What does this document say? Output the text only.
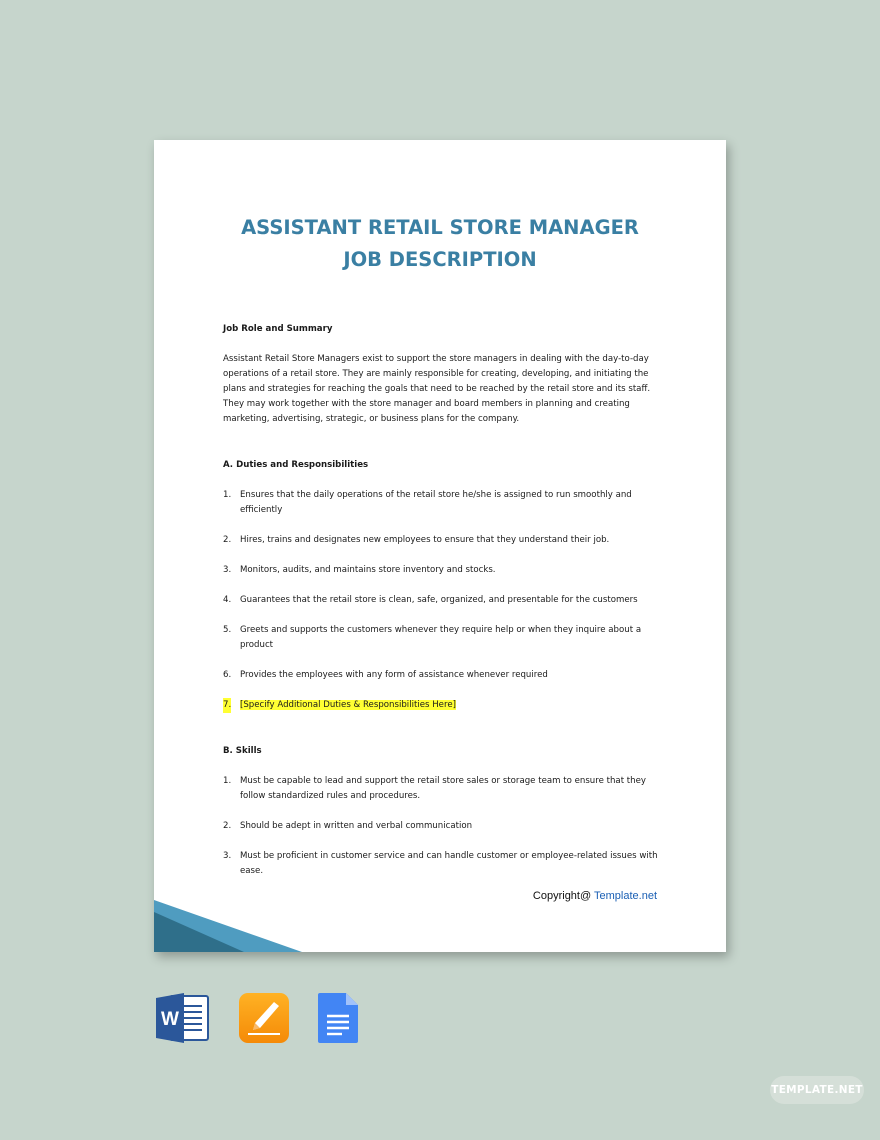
ASSISTANT RETAIL STORE MANAGER
JOB DESCRIPTION

Job Role and Summary

Assistant Retail Store Managers exist to support the store managers in dealing with the day-to-day operations of a retail store. They are mainly responsible for creating, developing, and initiating the plans and strategies for reaching the goals that need to be reached by the retail store and its staff. They may work together with the store manager and board members in planning and creating marketing, advertising, strategic, or business plans for the company.

A. Duties and Responsibilities

1. Ensures that the daily operations of the retail store he/she is assigned to run smoothly and efficiently
2. Hires, trains and designates new employees to ensure that they understand their job.
3. Monitors, audits, and maintains store inventory and stocks.
4. Guarantees that the retail store is clean, safe, organized, and presentable for the customers
5. Greets and supports the customers whenever they require help or when they inquire about a product
6. Provides the employees with any form of assistance whenever required
7. [Specify Additional Duties & Responsibilities Here]

B. Skills

1. Must be capable to lead and support the retail store sales or storage team to ensure that they follow standardized rules and procedures.
2. Should be adept in written and verbal communication
3. Must be proficient in customer service and can handle customer or employee-related issues with ease.
Copyright@ Template.net
W
TEMPLATE.NET
